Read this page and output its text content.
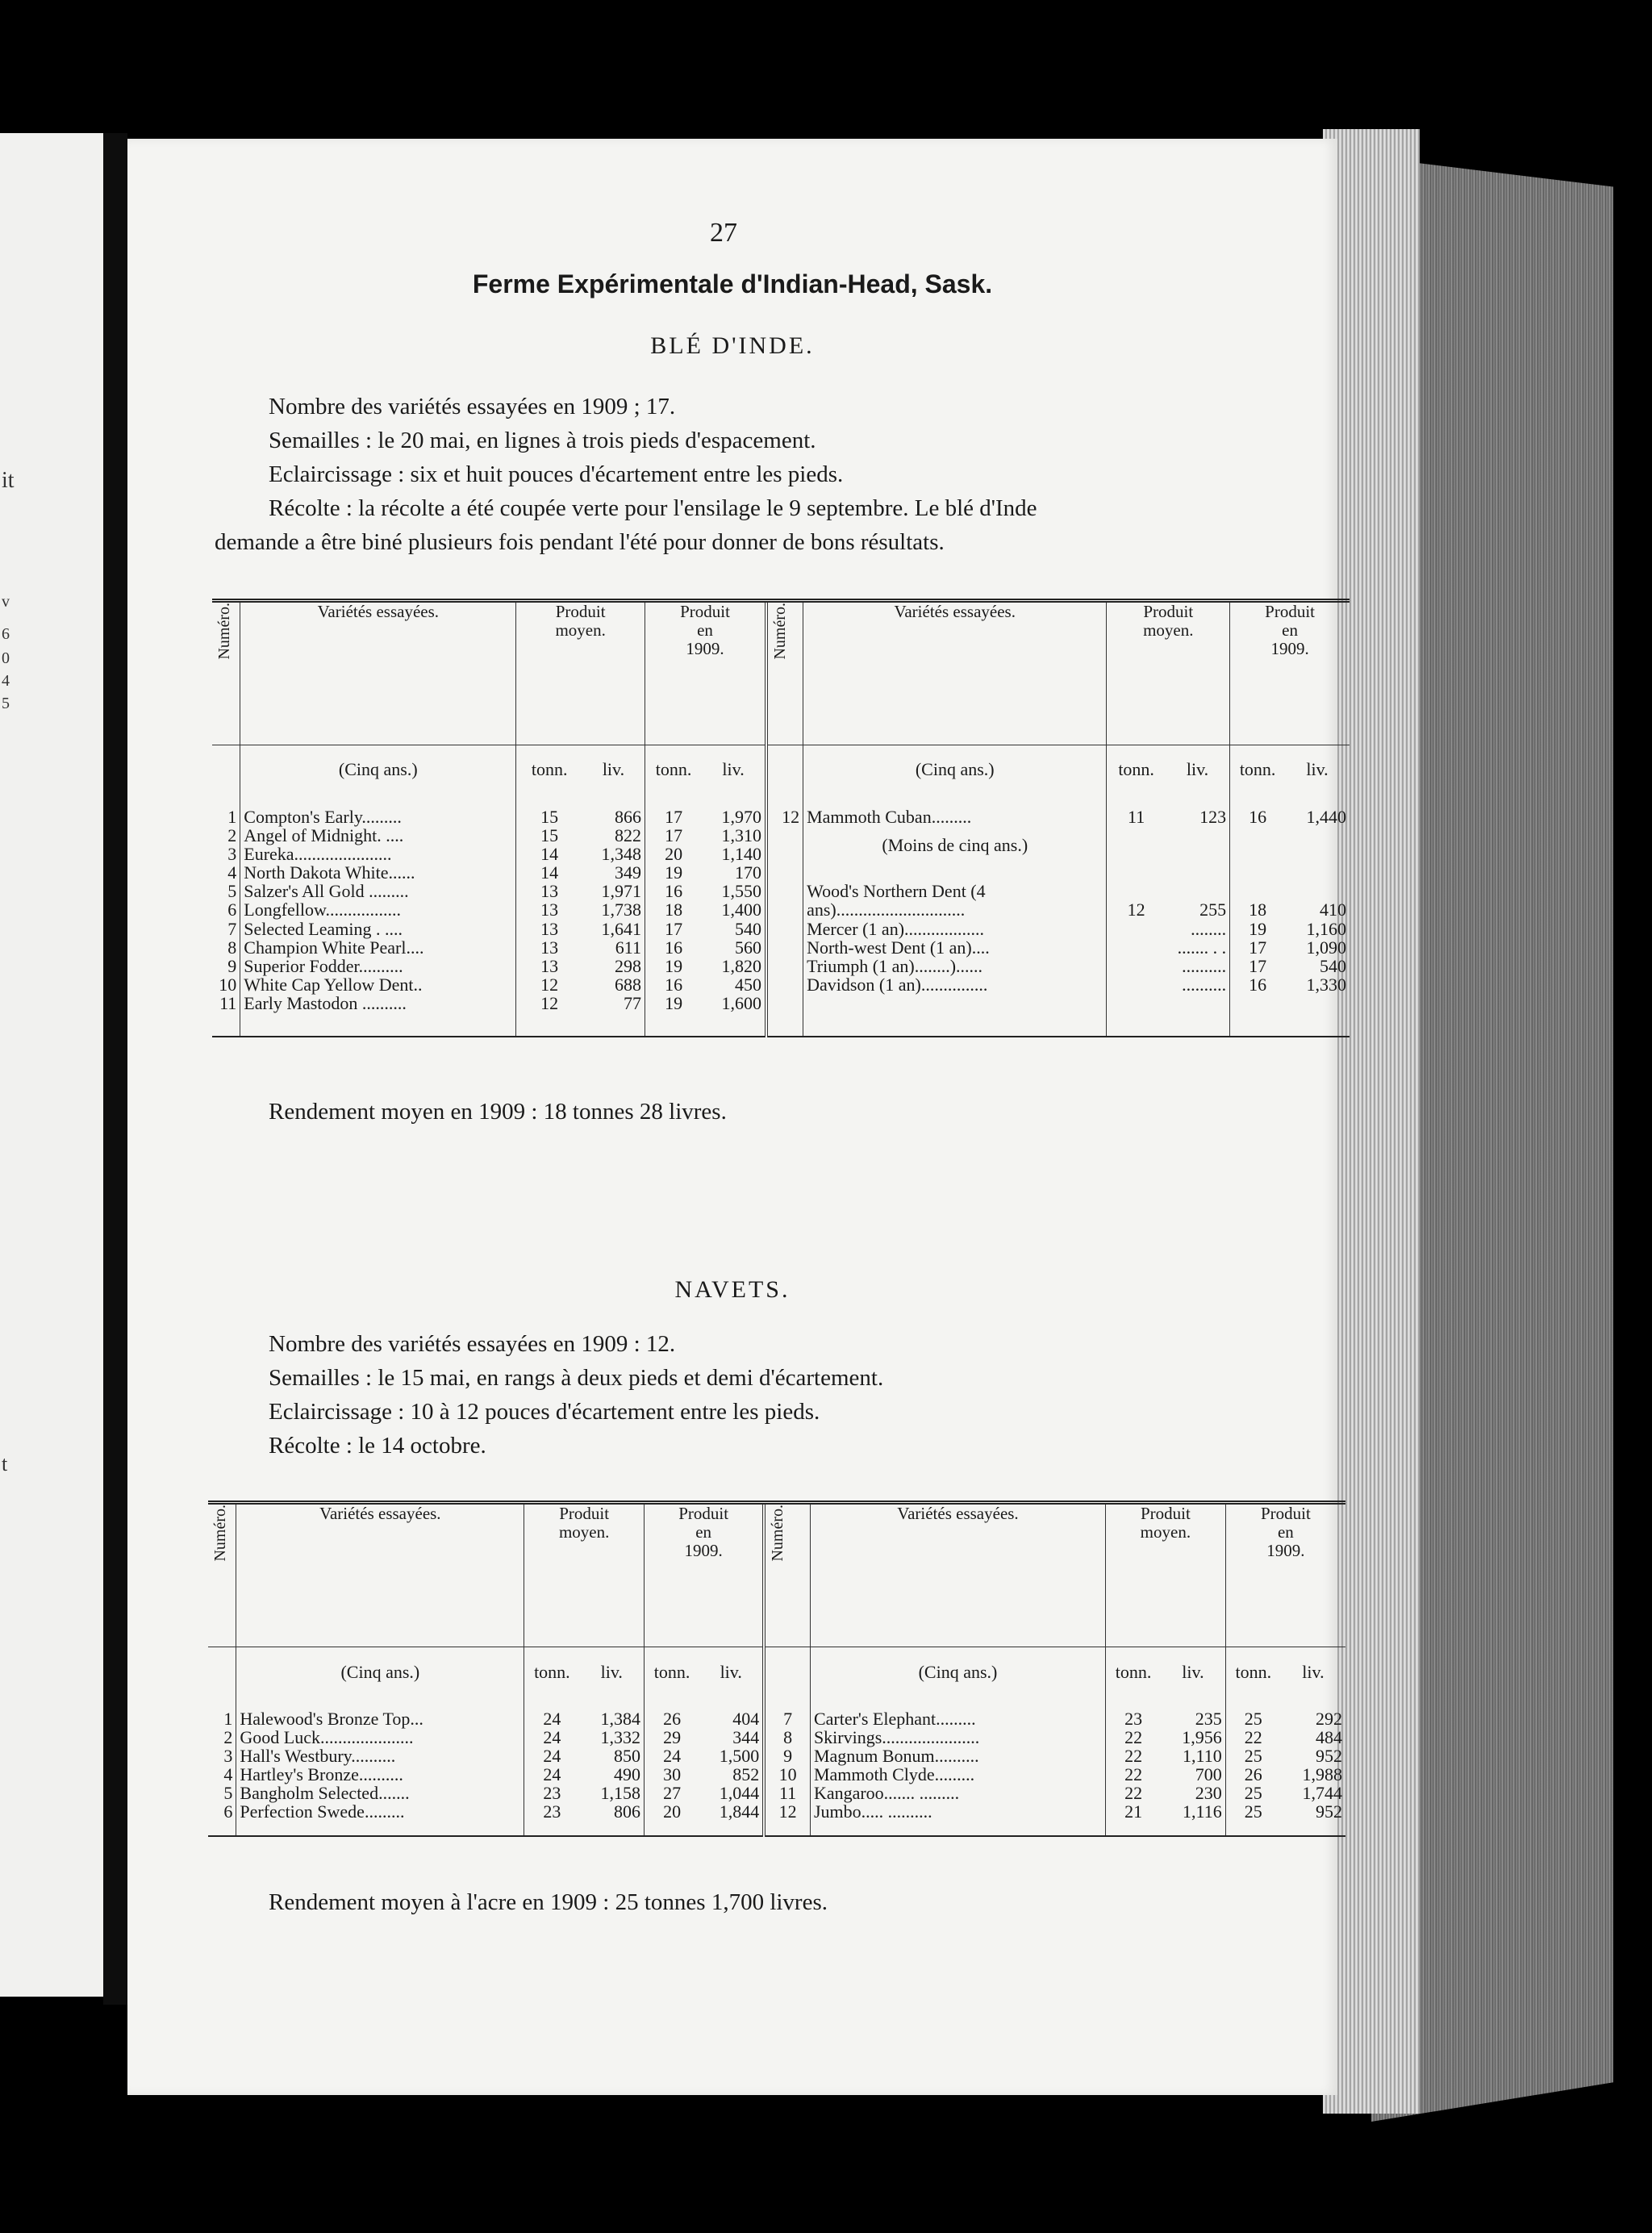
it
v
6
0
4
5
t
27
Ferme Expérimentale d'Indian-Head, Sask.
BLÉ D'INDE.
Nombre des variétés essayées en 1909 ; 17.
Semailles : le 20 mai, en lignes à trois pieds d'espacement.
Eclaircissage : six et huit pouces d'écartement entre les pieds.
Récolte : la récolte a été coupée verte pour l'ensilage le 9 septembre. Le blé d'Inde
demande a être biné plusieurs fois pendant l'été pour donner de bons résultats.
Numéro.	Variétés essayées.	Produit
moyen.		Produit
en
1909.		Numéro.	Variétés essayées.	Produit
moyen.		Produit
en
1909.	

	(Cinq ans.)	tonn.	liv.	tonn.	liv.		(Cinq ans.)	tonn.	liv.	tonn.	liv.

1	Compton's Early.........	15	866	17	1,970	12	Mammoth Cuban.........	11	123	16	1,440
2	Angel of Midnight. ....	15	822	17	1,310		(Moins de cinq ans.)				
3	Eureka......................	14	1,348	20	1,140						
4	North Dakota White......	14	349	19	170						
5	Salzer's All Gold .........	13	1,971	16	1,550		Wood's Northern Dent (4				
6	Longfellow.................	13	1,738	18	1,400		ans).............................	12	255	18	410
7	Selected Leaming . ....	13	1,641	17	540		Mercer (1 an)..................		........	19	1,160
8	Champion White Pearl....	13	611	16	560		North-west Dent (1 an)....		....... . .	17	1,090
9	Superior Fodder..........	13	298	19	1,820		Triumph (1 an)........)......		..........	17	540
10	White Cap Yellow Dent..	12	688	16	450		Davidson (1 an)...............		..........	16	1,330
11	Early Mastodon ..........	12	77	19	1,600						

Rendement moyen en 1909 : 18 tonnes 28 livres.
NAVETS.
Nombre des variétés essayées en 1909 : 12.
Semailles : le 15 mai, en rangs à deux pieds et demi d'écartement.
Eclaircissage : 10 à 12 pouces d'écartement entre les pieds.
Récolte : le 14 octobre.
Numéro.	Variétés essayées.	Produit
moyen.		Produit
en
1909.		Numéro.	Variétés essayées.	Produit
moyen.		Produit
en
1909.	

	(Cinq ans.)	tonn.	liv.	tonn.	liv.		(Cinq ans.)	tonn.	liv.	tonn.	liv.

1	Halewood's Bronze Top...	24	1,384	26	404	7	Carter's Elephant.........	23	235	25	292
2	Good Luck.....................	24	1,332	29	344	8	Skirvings......................	22	1,956	22	484
3	Hall's Westbury..........	24	850	24	1,500	9	Magnum Bonum..........	22	1,110	25	952
4	Hartley's Bronze..........	24	490	30	852	10	Mammoth Clyde.........	22	700	26	1,988
5	Bangholm Selected.......	23	1,158	27	1,044	11	Kangaroo....... .........	22	230	25	1,744
6	Perfection Swede.........	23	806	20	1,844	12	Jumbo..... ..........	21	1,116	25	952

Rendement moyen à l'acre en 1909 : 25 tonnes 1,700 livres.
